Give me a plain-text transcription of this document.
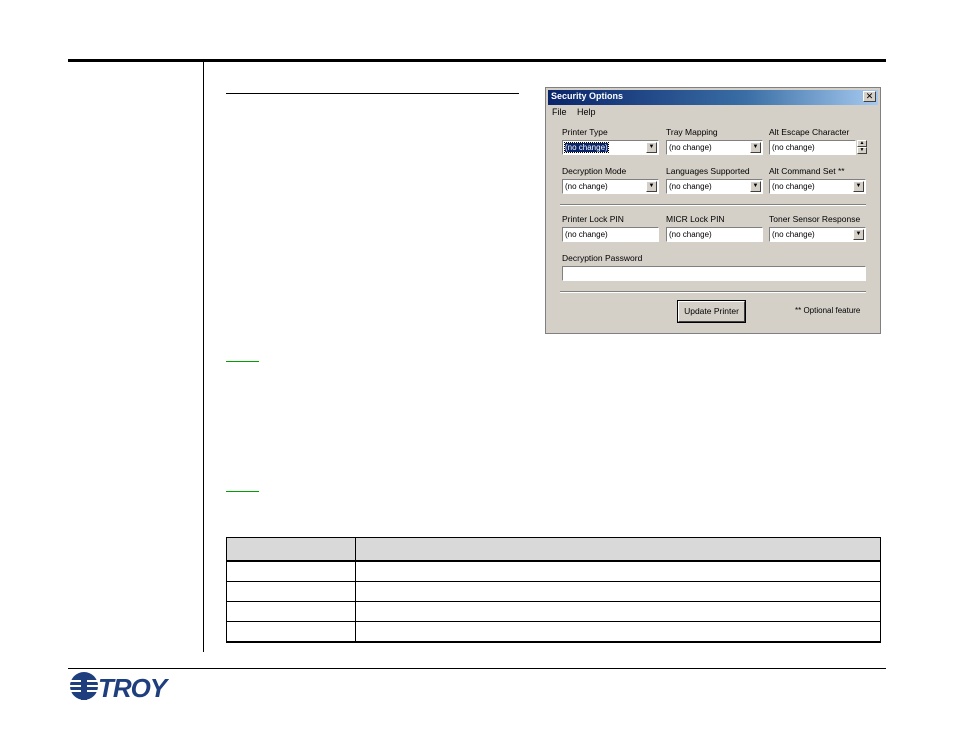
Security Options	✕
File Help
Printer Type
(no change)	▼
Tray Mapping
(no change)	▼
Alt Escape Character
(no change)	▲
▼
Decryption Mode
(no change)	▼
Languages Supported
(no change)	▼
Alt Command Set **
(no change)	▼
Printer Lock PIN
(no change)
MICR Lock PIN
(no change)
Toner Sensor Response
(no change)	▼
Decryption Password
Update Printer	** Optional feature

TROY
